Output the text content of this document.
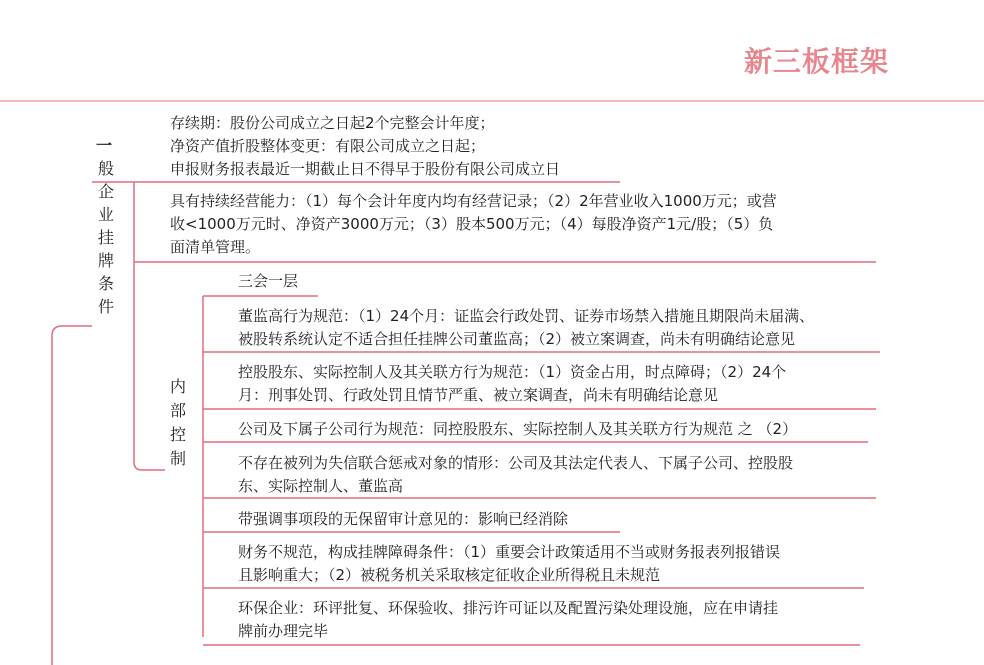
新三板框架
一
般企业挂牌条件
存续期：股份公司成立之日起2个完整会计年度；
净资产值折股整体变更：有限公司成立之日起；
申报财务报表最近一期截止日不得早于股份有限公司成立日
具有持续经营能力：（1）每个会计年度内均有经营记录；（2）2年营业收入1000万元；或营
收<1000万元时、净资产3000万元；（3）股本500万元；（4）每股净资产1元/股；（5）负
面清单管理。
内部控制
三会一层
董监高行为规范：（1）24个月：证监会行政处罚、证券市场禁入措施且期限尚未届满、
被股转系统认定不适合担任挂牌公司董监高；（2）被立案调查，尚未有明确结论意见
控股股东、实际控制人及其关联方行为规范：（1）资金占用，时点障碍；（2）24个
月：刑事处罚、行政处罚且情节严重、被立案调查，尚未有明确结论意见
公司及下属子公司行为规范：同控股股东、实际控制人及其关联方行为规范 之 （2）
不存在被列为失信联合惩戒对象的情形：公司及其法定代表人、下属子公司、控股股
东、实际控制人、董监高
带强调事项段的无保留审计意见的：影响已经消除
财务不规范，构成挂牌障碍条件：（1）重要会计政策适用不当或财务报表列报错误
且影响重大；（2）被税务机关采取核定征收企业所得税且未规范
环保企业：环评批复、环保验收、排污许可证以及配置污染处理设施，应在申请挂
牌前办理完毕
